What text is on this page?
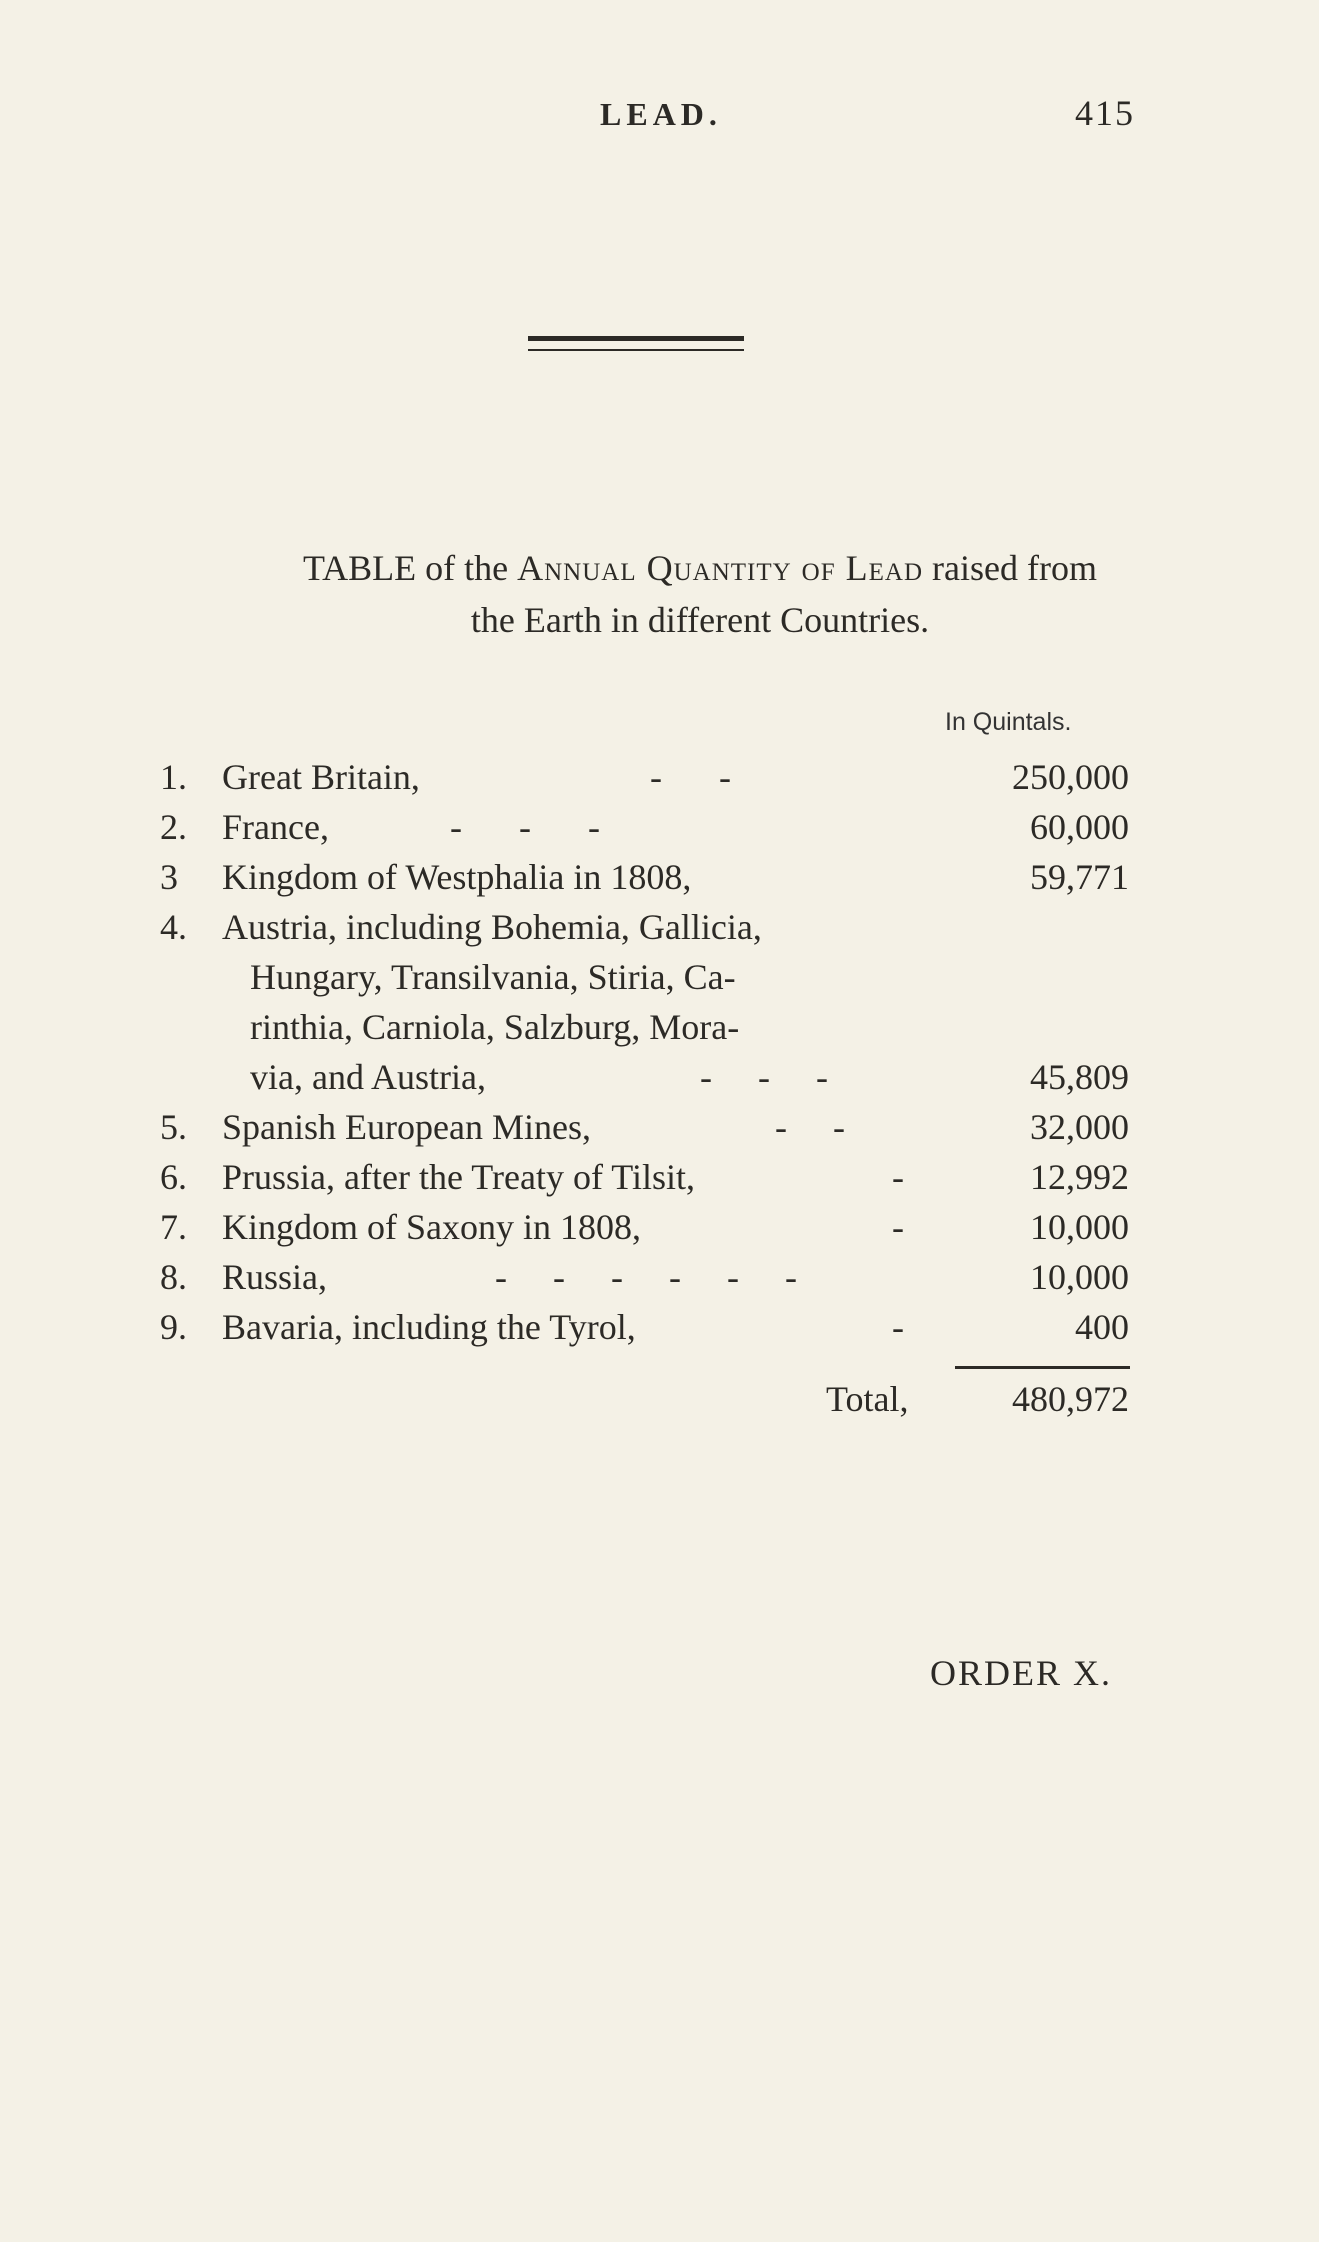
LEAD.	415
TABLE of the Annual Quantity of Lead raised from
the Earth in different Countries.
In Quintals.
1. Great Britain,	-     -	250,000
2. France,	-     -     -	60,000
3 Kingdom of Westphalia in 1808,	59,771
4. Austria, including Bohemia, Gallicia,
Hungary, Transilvania, Stiria, Ca-
rinthia, Carniola, Salzburg, Mora-
via, and Austria,	-    -    -	45,809
5. Spanish European Mines,	-    -	32,000
6. Prussia, after the Treaty of Tilsit,	-	12,992
7. Kingdom of Saxony in 1808,	-	10,000
8. Russia,	-    -    -    -    -    -	10,000
9. Bavaria, including the Tyrol,	-	400
Total,	480,972
ORDER X.
